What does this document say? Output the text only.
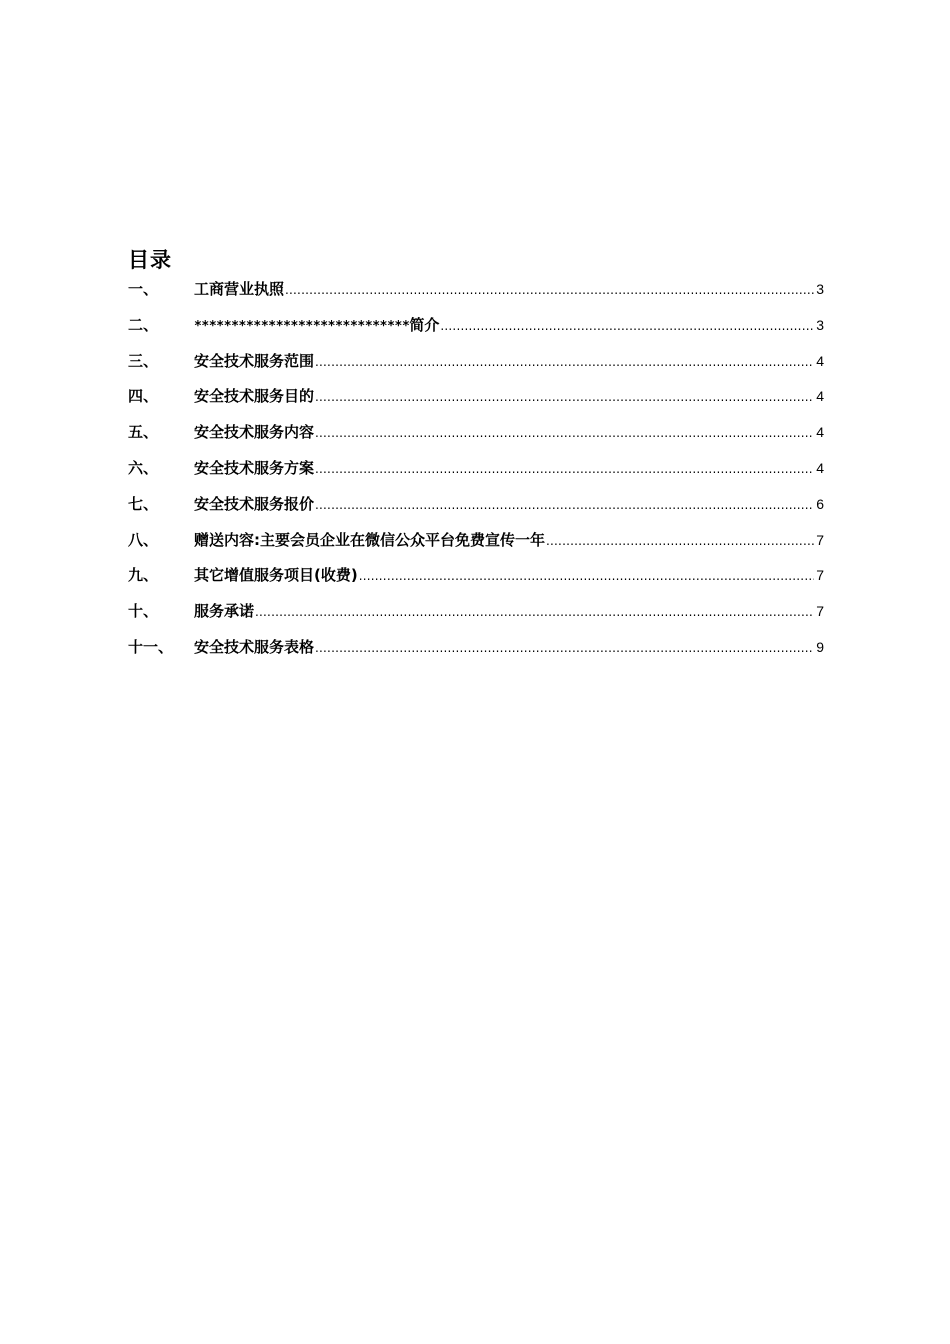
目录
一、	工商营业执照 .....	3
二、	***************************** 简介 .....	3
三、	安全技术服务范围 .....	4
四、	安全技术服务目的 .....	4
五、	安全技术服务内容 .....	4
六、	安全技术服务方案 .....	4
七、	安全技术服务报价 .....	6
八、	赠送内容:主要会员企业在微信公众平台免费宣传一年 .....	7
九、	其它增值服务项目(收费) .....	7
十、	服务承诺 .....	7
十一、	安全技术服务表格 .....	9
